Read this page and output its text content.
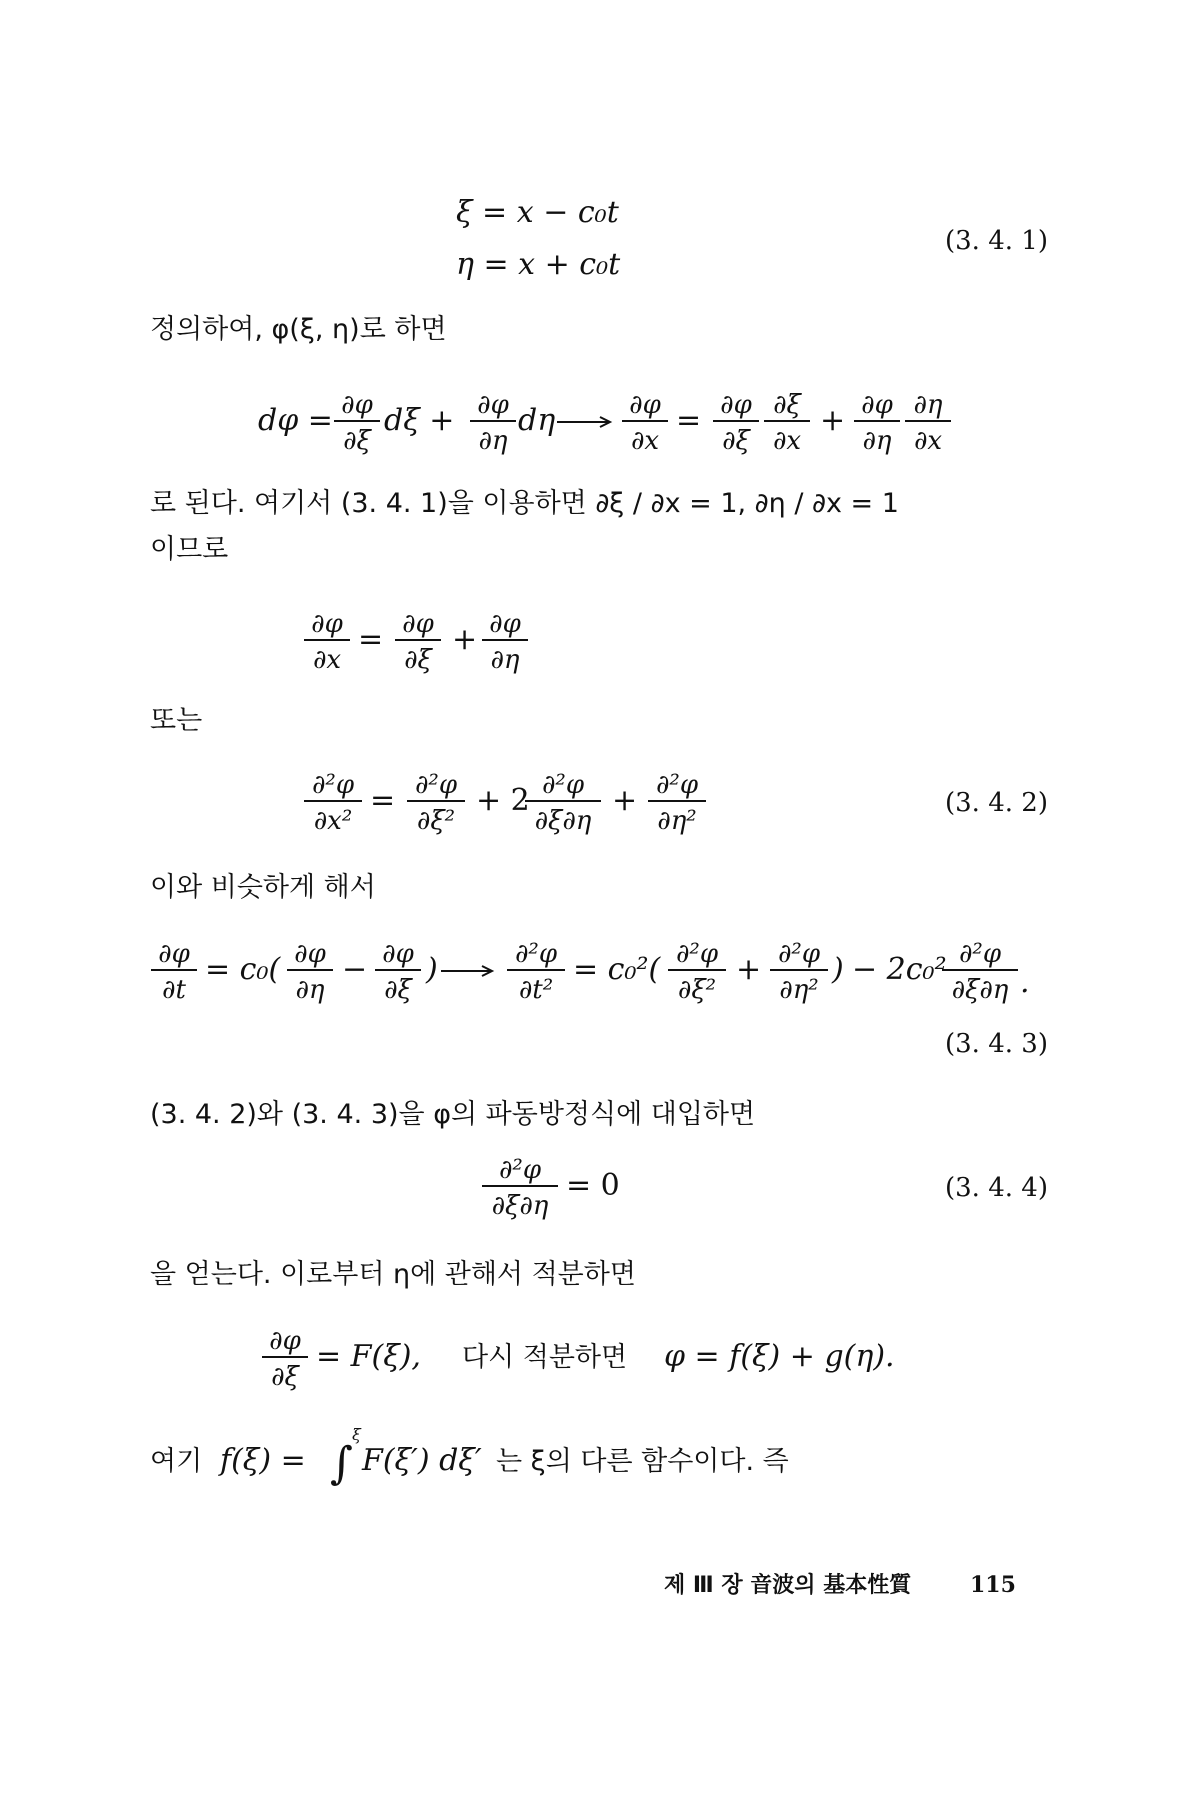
ξ = x − c₀t
η = x + c₀t
(3. 4. 1)
정의하여, φ(ξ, η)로 하면
dφ = ∂φ
∂ξ
dξ + ∂φ
∂η
dη	∂φ
∂x
= ∂φ
∂ξ
∂ξ
∂x
+ ∂φ
∂η
∂η
∂x
로 된다. 여기서 (3. 4. 1)을 이용하면 ∂ξ / ∂x = 1, ∂η / ∂x = 1
이므로
∂φ
∂x
= ∂φ
∂ξ
+ ∂φ
∂η
또는
∂²φ
∂x²
= ∂²φ
∂ξ²
+ 2 ∂²φ
∂ξ∂η
+ ∂²φ
∂η²
(3. 4. 2)
이와 비슷하게 해서
∂φ
∂t
= c₀( ∂φ
∂η
− ∂φ
∂ξ
)	∂²φ
∂t²
= c₀²( ∂²φ
∂ξ²
+ ∂²φ
∂η²
) − 2c₀² ∂²φ
∂ξ∂η .
(3. 4. 3)
(3. 4. 2)와 (3. 4. 3)을 φ의 파동방정식에 대입하면
∂²φ
∂ξ∂η
= 0	(3. 4. 4)
을 얻는다. 이로부터 η에 관해서 적분하면
∂φ
∂ξ
= F(ξ), 다시 적분하면 φ = f(ξ) + g(η).
여기 f(ξ) = ∫
ξ
F(ξ′) dξ′ 는 ξ의 다른 함수이다. 즉
제 Ⅲ 장 音波의 基本性質	115
